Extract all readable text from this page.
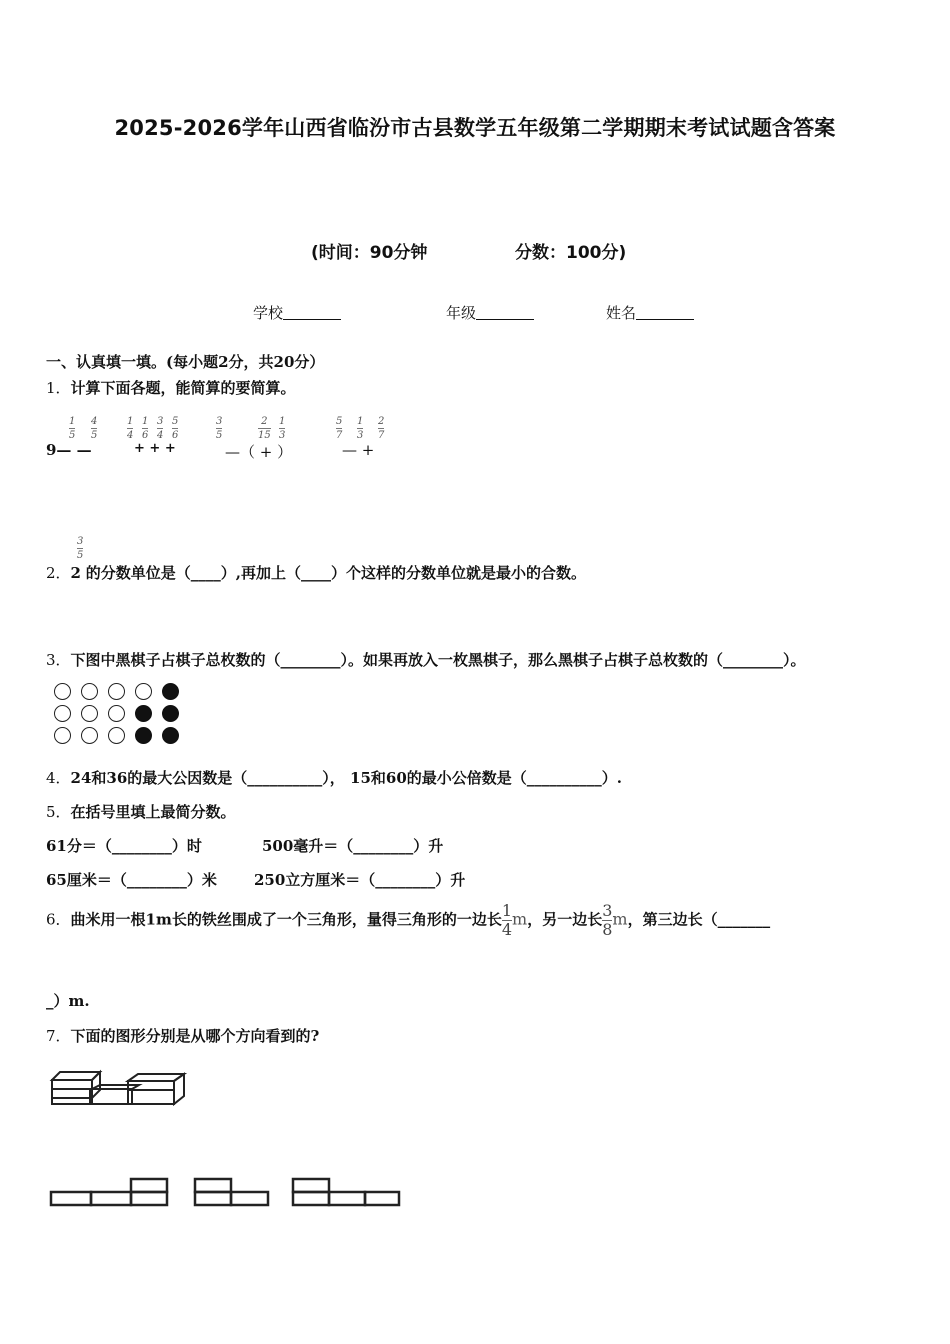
2025-2026学年山西省临汾市古县数学五年级第二学期期末考试试题含答案
(时间：90分钟	分数：100分)
学校	年级	姓名
一、认真填一填。(每小题2分，共20分）
1．计算下面各题，能简算的要简算。
1
5
4
5
9— —
1
4
1
6
3
4
5
6
+ + +
3
5
2
15
1
3
—（ + ）
5
7
1
3
2
7
— +
3
5
2．2 的分数单位是（____）,再加上（____）个这样的分数单位就是最小的合数。
3．下图中黑棋子占棋子总枚数的（________）。如果再放入一枚黑棋子，那么黑棋子占棋子总枚数的（________）。
4．24和36的最大公因数是（__________）， 15和60的最小公倍数是（__________）.
5．在括号里填上最简分数。
61分＝（________）时	500毫升＝（________）升
65厘米＝（________）米 250立方厘米＝（________）升
6．曲米用一根1m长的铁丝围成了一个三角形，量得三角形的一边长$\frac{1}{4}m$，另一边长$\frac{3}{8}m$，第三边长（_______
_）m.
7．下面的图形分别是从哪个方向看到的?
